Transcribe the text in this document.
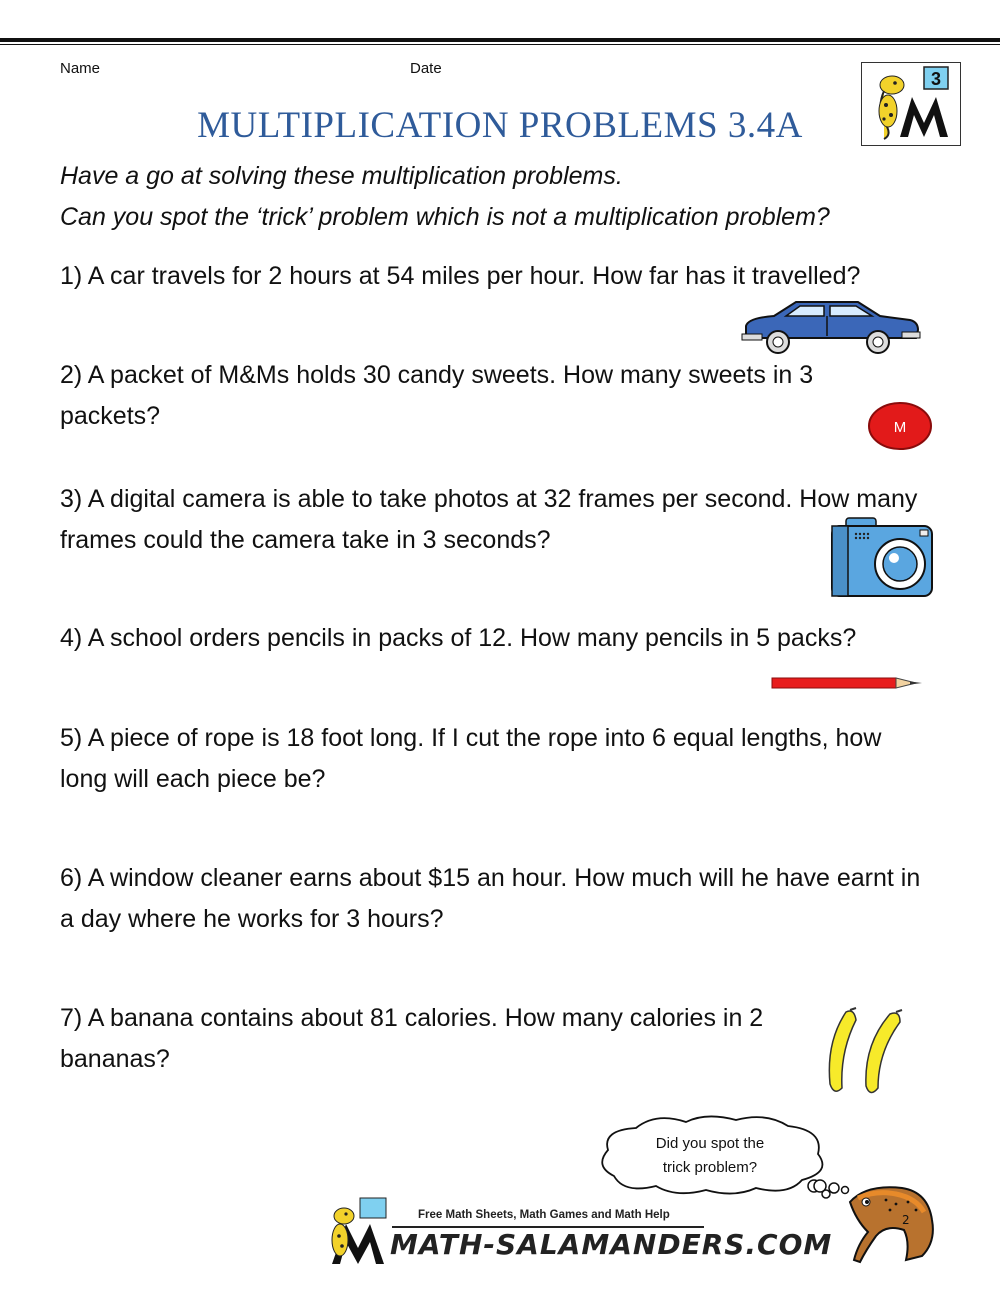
Name	Date
3
MULTIPLICATION PROBLEMS 3.4A
Have a go at solving these multiplication problems.
Can you spot the ‘trick’ problem which is not a multiplication problem?
1) A car travels for 2 hours at 54 miles per hour. How far has it travelled?
2) A packet of M&Ms holds 30 candy sweets. How many sweets in 3 packets?
3) A digital camera is able to take photos at 32 frames per second. How many frames could the camera take in 3 seconds?
4) A school orders pencils in packs of 12. How many pencils in 5 packs?
5) A piece of rope is 18 foot long. If I cut the rope into 6 equal lengths, how long will each piece be?
6) A window cleaner earns about $15 an hour. How much will he have earnt in a day where he works for 3 hours?
7) A banana contains about 81 calories. How many calories in 2 bananas?
M
Did you spot the trick problem?
2
Free Math Sheets, Math Games and Math Help
MATH-SALAMANDERS.COM
